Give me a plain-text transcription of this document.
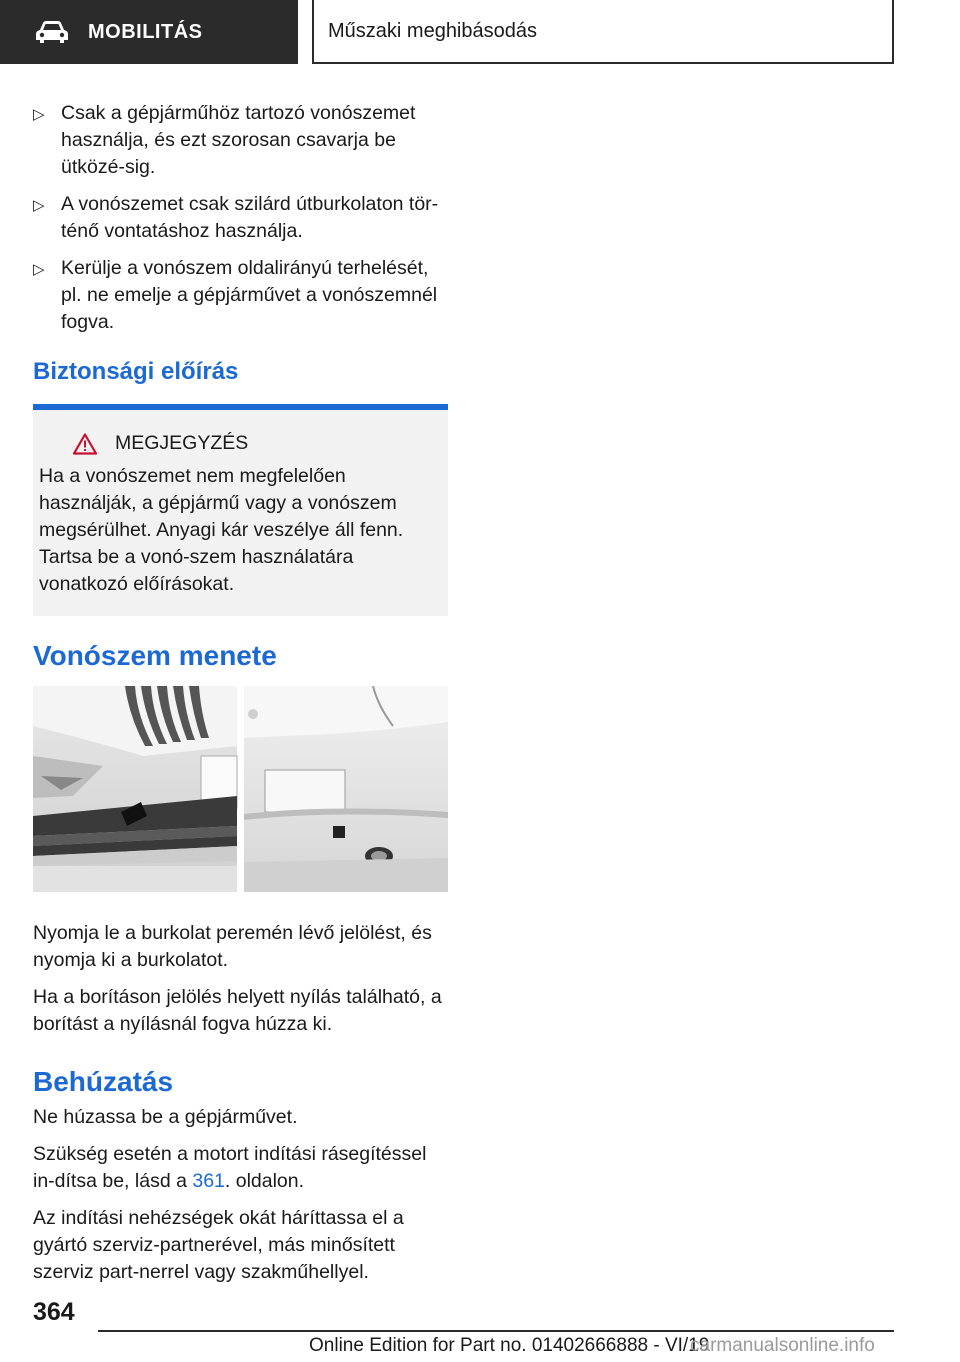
MOBILITÁS	Műszaki meghibásodás
▷ Csak a gépjárműhöz tartozó vonószemet használja, és ezt szorosan csavarja be ütközé-sig.
▷ A vonószemet csak szilárd útburkolaton tör-ténő vontatáshoz használja.
▷ Kerülje a vonószem oldalirányú terhelését, pl. ne emelje a gépjárművet a vonószemnél fogva.
Biztonsági előírás
MEGJEGYZÉS
Ha a vonószemet nem megfelelően használják, a gépjármű vagy a vonószem megsérülhet. Anyagi kár veszélye áll fenn. Tartsa be a vonó-szem használatára vonatkozó előírásokat.
Vonószem menete

Nyomja le a burkolat peremén lévő jelölést, és nyomja ki a burkolatot.

Ha a borításon jelölés helyett nyílás található, a borítást a nyílásnál fogva húzza ki.

Behúzatás

Ne húzassa be a gépjárművet.

Szükség esetén a motort indítási rásegítéssel in-dítsa be, lásd a 361. oldalon.

Az indítási nehézségek okát háríttassa el a gyártó szerviz-partnerével, más minősített szerviz part-nerrel vagy szakműhellyel.

364
Online Edition for Part no. 01402666888 - VI/19
carmanualsonline.info
